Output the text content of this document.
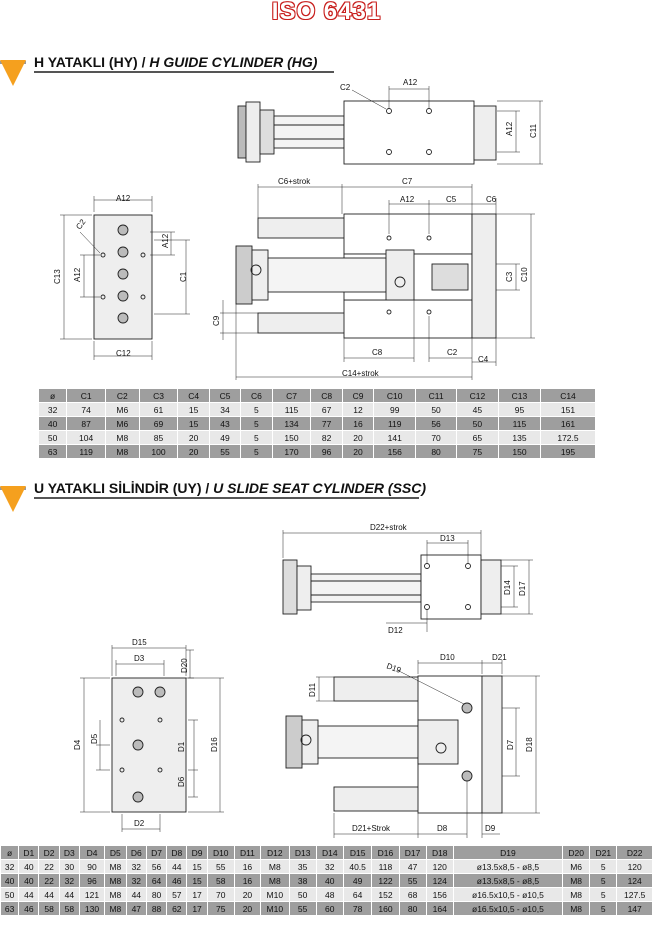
ISO 6431
H YATAKLI (HY) / H GUIDE CYLINDER (HG)
C2
A12
A12 C11
C6+strok	C7
A12	C5	C6
C3 C10
C9
C8	C2
C4
C14+strok
A12
C2
C13 A12
A12
C1
C12
ø	C1	C2	C3	C4	C5	C6	C7	C8	C9	C10	C11	C12	C13	C14
32	74	M6	61	15	34	5	115	67	12	99	50	45	95	151
40	87	M6	69	15	43	5	134	77	16	119	56	50	115	161
50	104	M8	85	20	49	5	150	82	20	141	70	65	135	172.5
63	119	M8	100	20	55	5	170	96	20	156	80	75	150	195
U YATAKLI SİLİNDİR (UY) / U SLIDE SEAT CYLINDER (SSC)
D22+strok
D13
D14 D17
D12
D15
D3	D20
D4
D5
D1
D6
D16
D2
D19
D10	D21
D11
D7 D18
D21+Strok	D8	D9
ø	D1	D2	D3	D4	D5	D6	D7	D8	D9	D10	D11	D12	D13	D14	D15	D16	D17	D18	D19	D20	D21	D22
32	40	22	30	90	M8	32	56	44	15	55	16	M8	35	32	40.5	118	47	120	ø13.5x8,5 - ø8,5	M6	5	120
40	40	22	32	96	M8	32	64	46	15	58	16	M8	38	40	49	122	55	124	ø13.5x8,5 - ø8,5	M8	5	124
50	44	44	44	121	M8	44	80	57	17	70	20	M10	50	48	64	152	68	156	ø16.5x10,5 - ø10,5	M8	5	127.5
63	46	58	58	130	M8	47	88	62	17	75	20	M10	55	60	78	160	80	164	ø16.5x10,5 - ø10,5	M8	5	147
